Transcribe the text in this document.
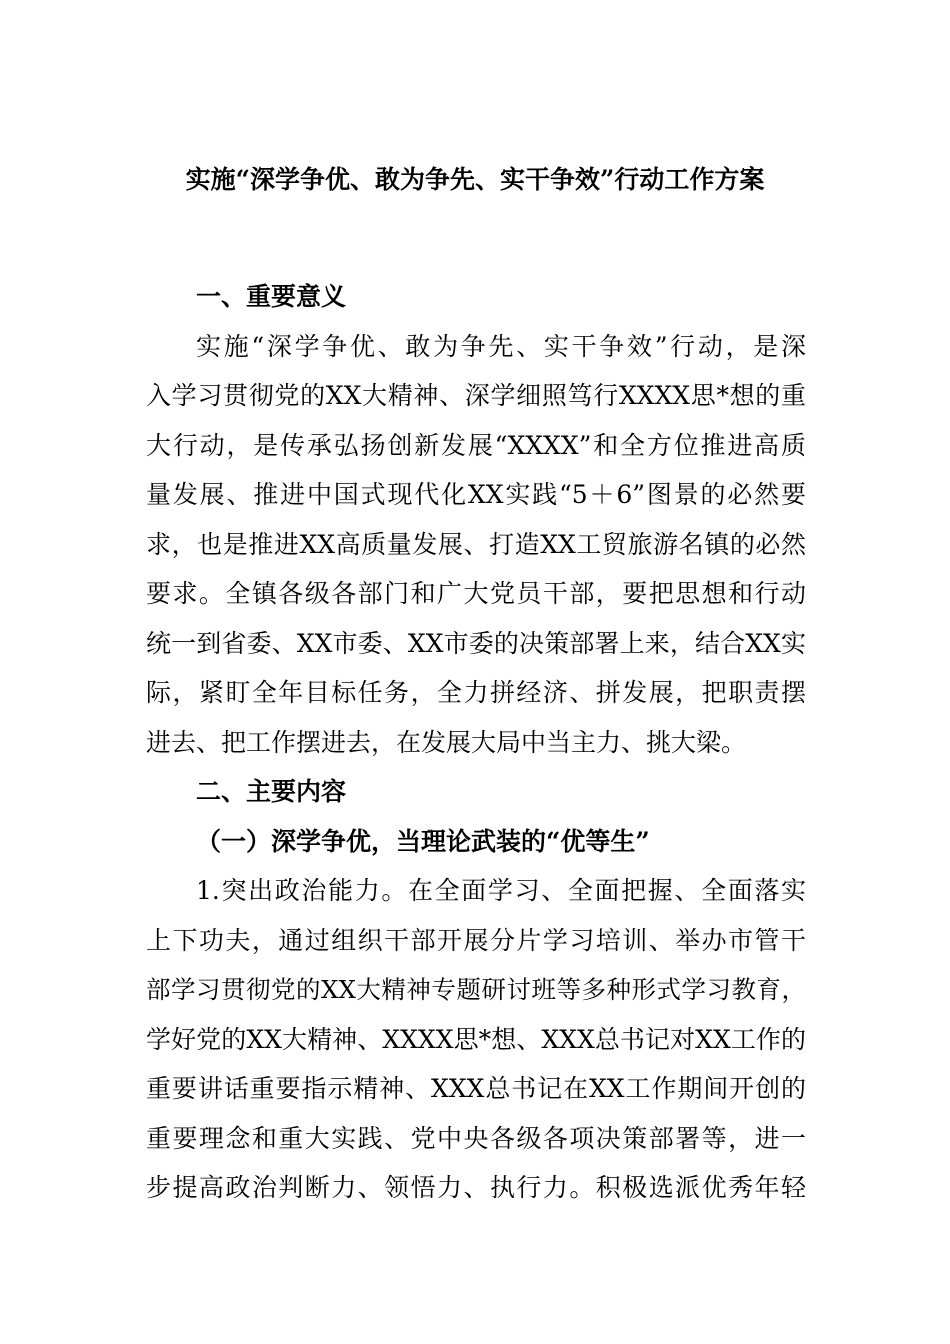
实施“深学争优、敢为争先、实干争效”行动工作方案
一、重要意义
实施“深学争优、敢为争先、实干争效”行动，是深
入学习贯彻党的XX大精神、深学细照笃行XXXX思*想的重
大行动，是传承弘扬创新发展“XXXX”和全方位推进高质
量发展、推进中国式现代化XX实践“5＋6”图景的必然要
求，也是推进XX高质量发展、打造XX工贸旅游名镇的必然
要求。全镇各级各部门和广大党员干部，要把思想和行动
统一到省委、XX市委、XX市委的决策部署上来，结合XX实
际，紧盯全年目标任务，全力拼经济、拼发展，把职责摆
进去、把工作摆进去，在发展大局中当主力、挑大梁。
二、主要内容
（一）深学争优，当理论武装的“优等生”
1.突出政治能力。在全面学习、全面把握、全面落实
上下功夫，通过组织干部开展分片学习培训、举办市管干
部学习贯彻党的XX大精神专题研讨班等多种形式学习教育，
学好党的XX大精神、XXXX思*想、XXX总书记对XX工作的
重要讲话重要指示精神、XXX总书记在XX工作期间开创的
重要理念和重大实践、党中央各级各项决策部署等，进一
步提高政治判断力、领悟力、执行力。积极选派优秀年轻
